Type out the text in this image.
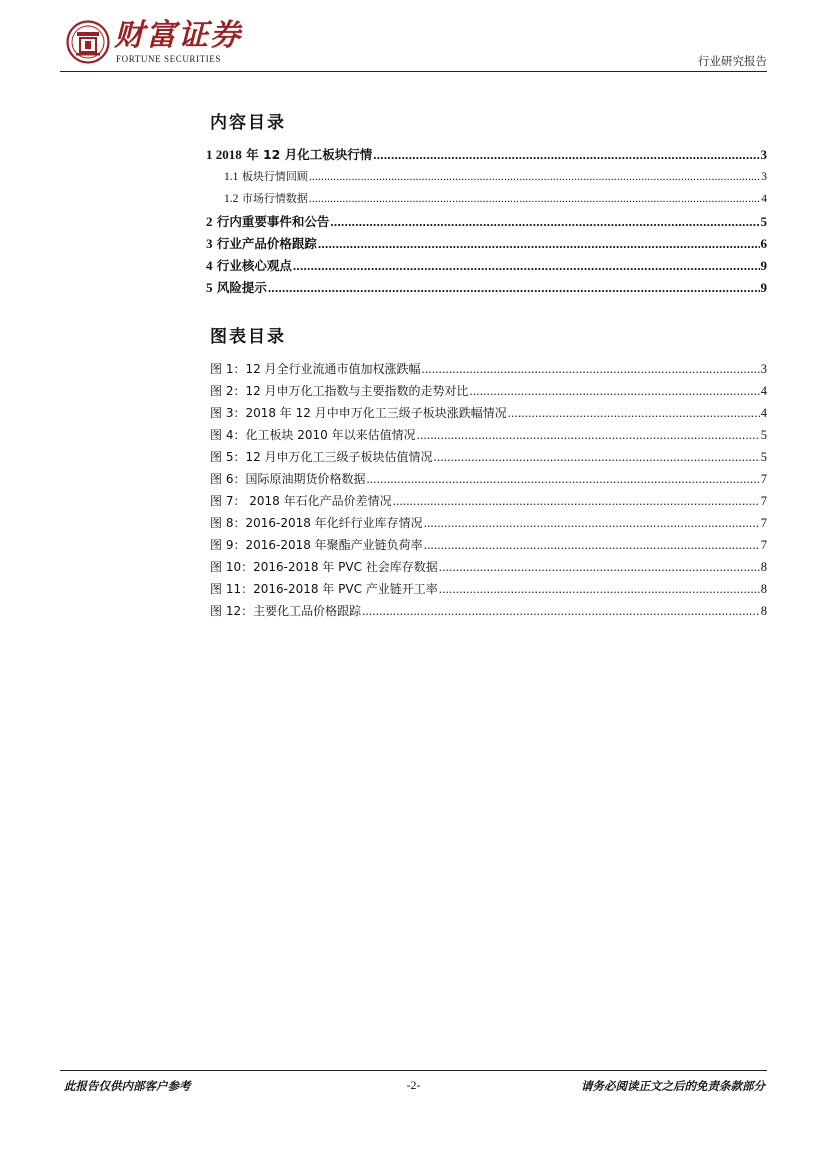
财富证券
FORTUNE SECURITIES	行业研究报告
内容目录
1 2018 年 12 月化工板块行情 .....	3
1.1 板块行情回顾 .....	3
1.2 市场行情数据 .....	4
2 行内重要事件和公告 .....	5
3 行业产品价格跟踪 .....	6
4 行业核心观点 .....	9
5 风险提示 .....	9
图表目录
图 1：12 月全行业流通市值加权涨跌幅 .....	3
图 2：12 月申万化工指数与主要指数的走势对比 .....	4
图 3：2018 年 12 月中申万化工三级子板块涨跌幅情况 .....	4
图 4：化工板块 2010 年以来估值情况 .....	5
图 5：12 月申万化工三级子板块估值情况 .....	5
图 6：国际原油期货价格数据 .....	7
图 7： 2018 年石化产品价差情况 .....	7
图 8：2016-2018 年化纤行业库存情况 .....	7
图 9：2016-2018 年聚酯产业链负荷率 .....	7
图 10：2016-2018 年 PVC 社会库存数据 .....	8
图 11：2016-2018 年 PVC 产业链开工率 .....	8
图 12：主要化工品价格跟踪 .....	8
此报告仅供内部客户参考	-2-	请务必阅读正文之后的免责条款部分
